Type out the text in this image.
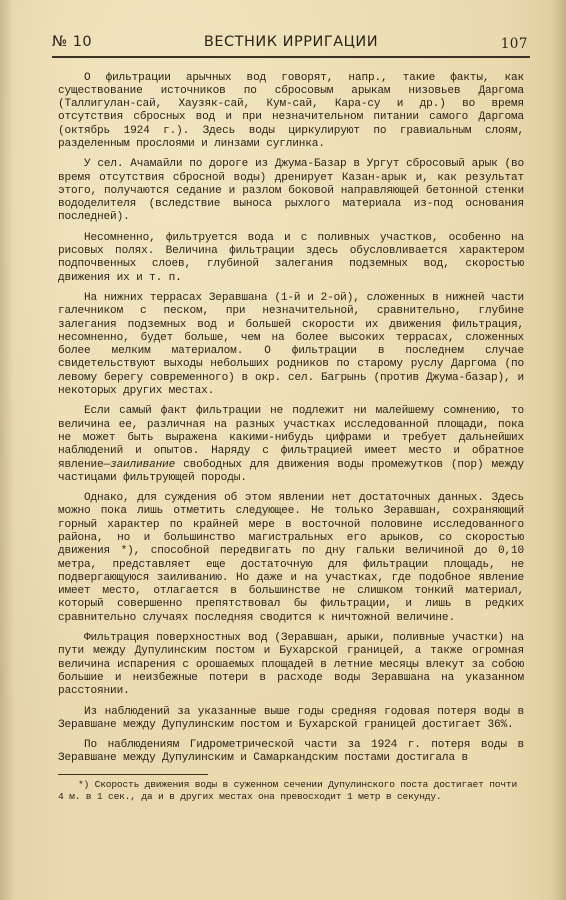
№ 10	ВЕСТНИК ИРРИГАЦИИ	107

О фильтрации арычных вод говорят, напр., такие факты, как существование источников по сбросовым арыкам низовьев Даргома (Таллигулан-сай, Хаузяк-сай, Кум-сай, Кара-су и др.) во время отсутствия сбросных вод и при незначительном питании самого Даргома (октябрь 1924 г.). Здесь воды циркулируют по гравиальным слоям, разделенным прослоями и линзами суглинка.

У сел. Ачамайли по дороге из Джума-Базар в Ургут сбросовый арык (во время отсутствия сбросной воды) дренирует Казан-арык и, как результат этого, получаются седание и разлом боковой направляющей бетонной стенки вододелителя (вследствие выноса рыхлого материала из-под основания последней).

Несомненно, фильтруется вода и с поливных участков, особенно на рисовых полях. Величина фильтрации здесь обусловливается характером подпочвенных слоев, глубиной залегания подземных вод, скоростью движения их и т. п.

На нижних террасах Зеравшана (1-й и 2-ой), сложенных в нижней части галечником с песком, при незначительной, сравнительно, глубине залегания подземных вод и большей скорости их движения фильтрация, несомненно, будет больше, чем на более высоких террасах, сложенных более мелким материалом. О фильтрации в последнем случае свидетельствуют выходы небольших родников по старому руслу Даргома (по левому берегу современного) в окр. сел. Багрынь (против Джума-базар), и некоторых других местах.

Если самый факт фильтрации не подлежит ни малейшему сомнению, то величина ее, различная на разных участках исследованной площади, пока не может быть выражена какими-нибудь цифрами и требует дальнейших наблюдений и опытов. Наряду с фильтрацией имеет место и обратное явление—заиливание свободных для движения воды промежутков (пор) между частицами фильтрующей породы.

Однако, для суждения об этом явлении нет достаточных данных. Здесь можно пока лишь отметить следующее. Не только Зеравшан, сохраняющий горный характер по крайней мере в восточной половине исследованного района, но и большинство магистральных его арыков, со скоростью движения *), способной передвигать по дну гальки величиной до 0,10 метра, представляет еще достаточную для фильтрации площадь, не подвергающуюся заиливанию. Но даже и на участках, где подобное явление имеет место, отлагается в большинстве не слишком тонкий материал, который совершенно препятствовал бы фильтрации, и лишь в редких сравнительно случаях последняя сводится к ничтожной величине.

Фильтрация поверхностных вод (Зеравшан, арыки, поливные участки) на пути между Дупулинским постом и Бухарской границей, а также огромная величина испарения с орошаемых площадей в летние месяцы влекут за собою большие и неизбежные потери в расходе воды Зеравшана на указанном расстоянии.

Из наблюдений за указанные выше годы средняя годовая потеря воды в Зеравшане между Дупулинским постом и Бухарской границей достигает 36%.

По наблюдениям Гидрометрической части за 1924 г. потеря воды в Зеравшане между Дупулинским и Самаркандским постами достигала в

*) Скорость движения воды в суженном сечении Дупулинского поста достигает почти 4 м. в 1 сек., да и в других местах она превосходит 1 метр в секунду.
